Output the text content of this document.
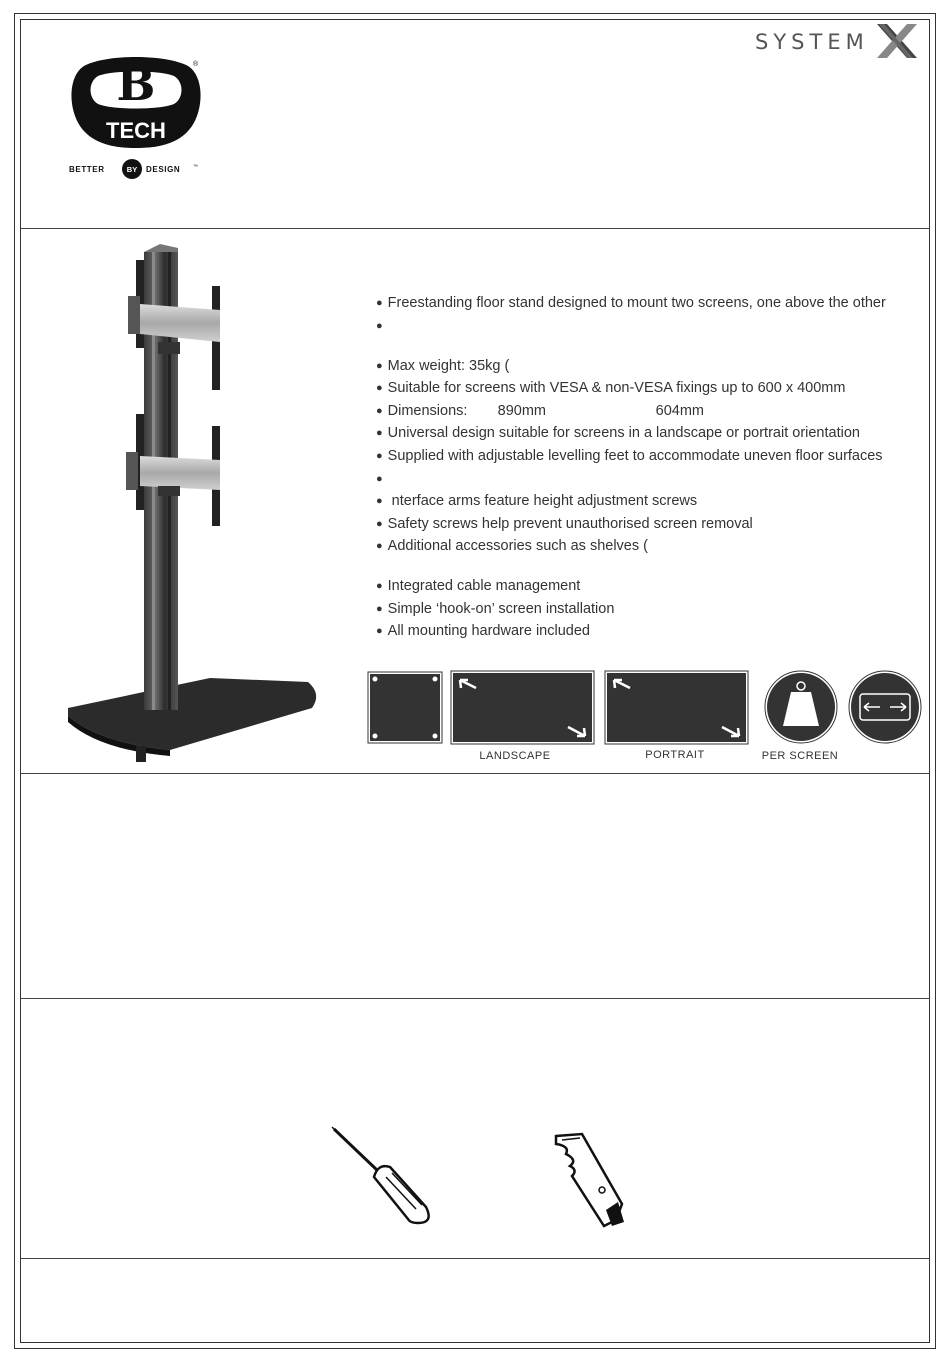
B
TECH
®
BETTER	BY DESIGN	™
SYSTEM
● Freestanding floor stand designed to mount two screens, one above the other
●
● Max weight: 35kg (
● Suitable for screens with VESA & non-VESA fixings up to 600 x 400mm
● Dimensions: 890mm	604mm
● Universal design suitable for screens in a landscape or portrait orientation
● Supplied with adjustable levelling feet to accommodate uneven floor surfaces
●
● nterface arms feature height adjustment screws
● Safety screws help prevent unauthorised screen removal
● Additional accessories such as shelves (
● Integrated cable management
● Simple ‘hook-on’ screen installation
● All mounting hardware included
LANDSCAPE	PORTRAIT	PER SCREEN
